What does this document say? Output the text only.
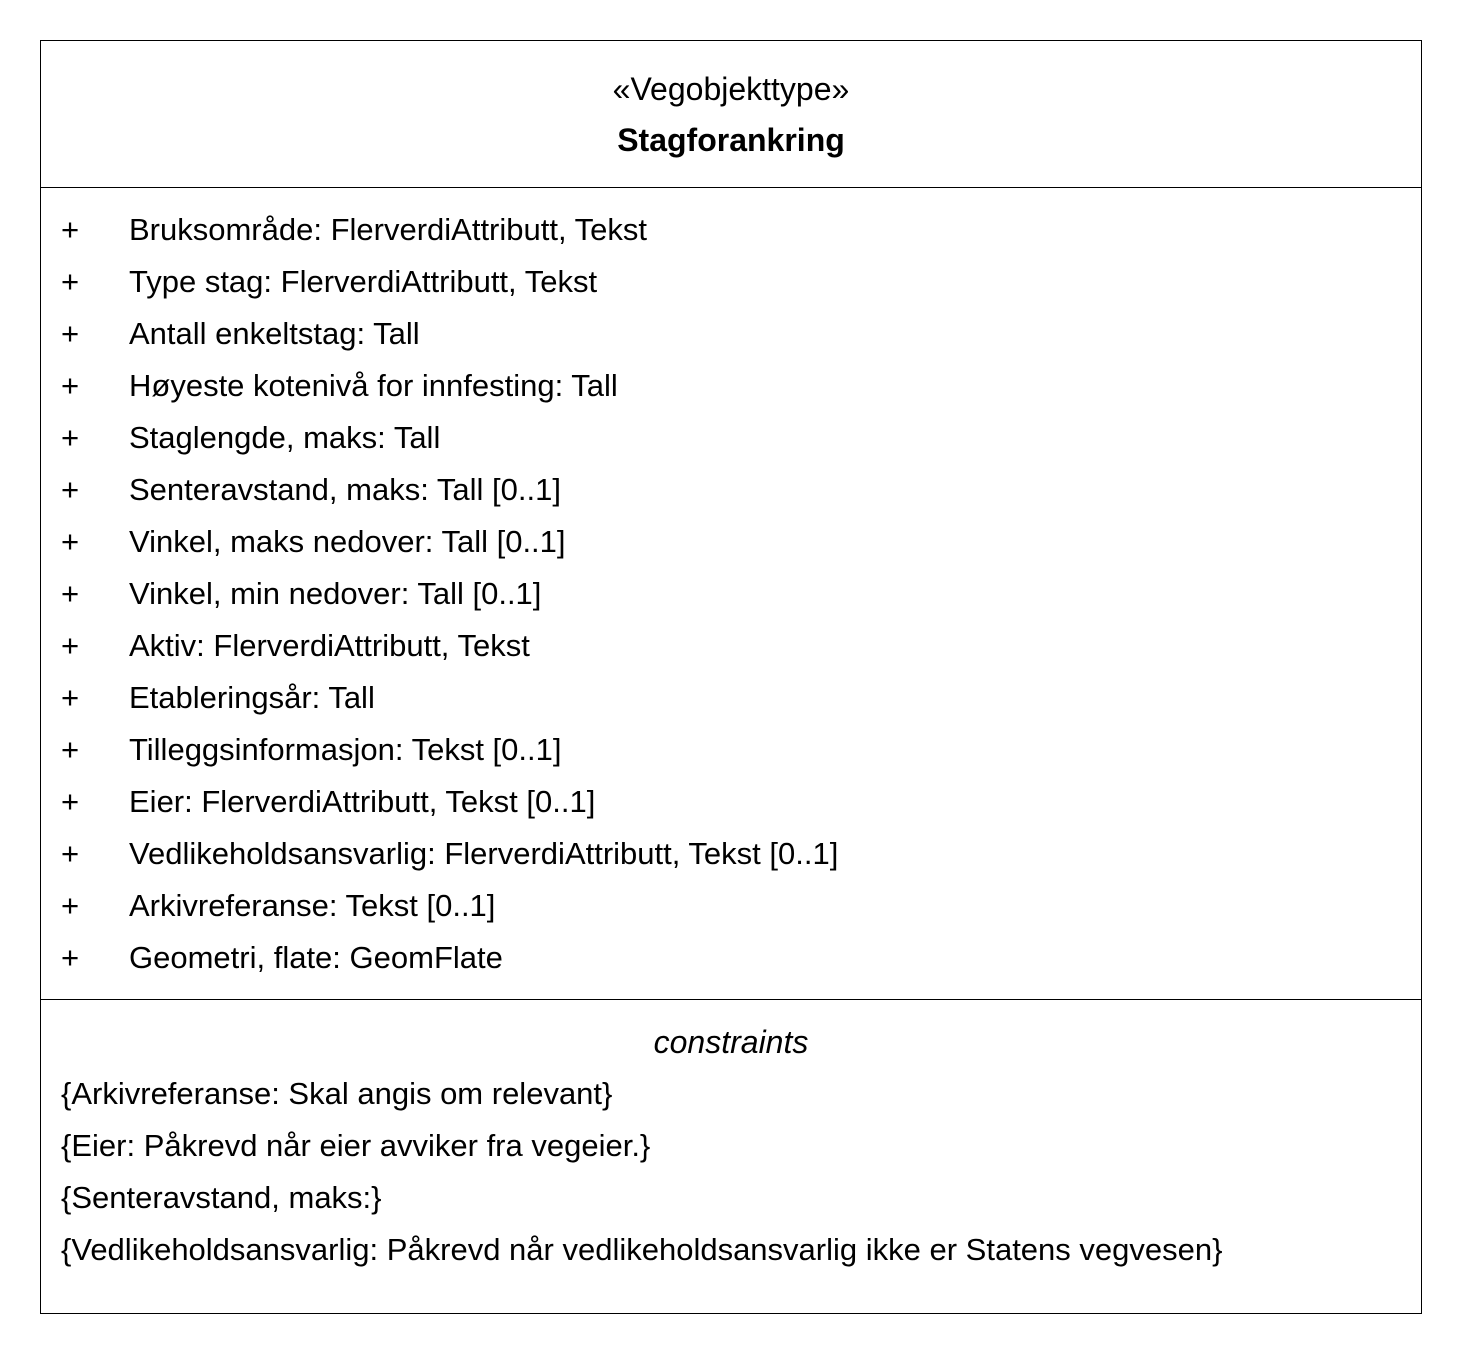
«Vegobjekttype»
Stagforankring
+ Bruksområde: FlerverdiAttributt, Tekst
+ Type stag: FlerverdiAttributt, Tekst
+ Antall enkeltstag: Tall
+ Høyeste kotenivå for innfesting: Tall
+ Staglengde, maks: Tall
+ Senteravstand, maks: Tall [0..1]
+ Vinkel, maks nedover: Tall [0..1]
+ Vinkel, min nedover: Tall [0..1]
+ Aktiv: FlerverdiAttributt, Tekst
+ Etableringsår: Tall
+ Tilleggsinformasjon: Tekst [0..1]
+ Eier: FlerverdiAttributt, Tekst [0..1]
+ Vedlikeholdsansvarlig: FlerverdiAttributt, Tekst [0..1]
+ Arkivreferanse: Tekst [0..1]
+ Geometri, flate: GeomFlate
constraints
{Arkivreferanse: Skal angis om relevant}
{Eier: Påkrevd når eier avviker fra vegeier.}
{Senteravstand, maks:}
{Vedlikeholdsansvarlig: Påkrevd når vedlikeholdsansvarlig ikke er Statens vegvesen}
